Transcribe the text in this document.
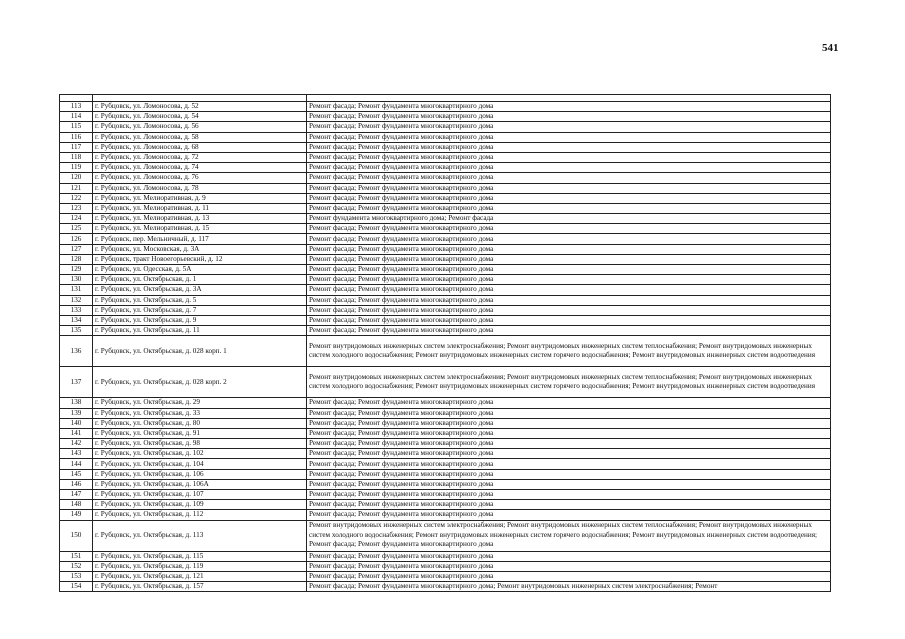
541

113	г. Рубцовск, ул. Ломоносова, д. 52	Ремонт фасада; Ремонт фундамента многоквартирного дома
114	г. Рубцовск, ул. Ломоносова, д. 54	Ремонт фасада; Ремонт фундамента многоквартирного дома
115	г. Рубцовск, ул. Ломоносова, д. 56	Ремонт фасада; Ремонт фундамента многоквартирного дома
116	г. Рубцовск, ул. Ломоносова, д. 58	Ремонт фасада; Ремонт фундамента многоквартирного дома
117	г. Рубцовск, ул. Ломоносова, д. 68	Ремонт фасада; Ремонт фундамента многоквартирного дома
118	г. Рубцовск, ул. Ломоносова, д. 72	Ремонт фасада; Ремонт фундамента многоквартирного дома
119	г. Рубцовск, ул. Ломоносова, д. 74	Ремонт фасада; Ремонт фундамента многоквартирного дома
120	г. Рубцовск, ул. Ломоносова, д. 76	Ремонт фасада; Ремонт фундамента многоквартирного дома
121	г. Рубцовск, ул. Ломоносова, д. 78	Ремонт фасада; Ремонт фундамента многоквартирного дома
122	г. Рубцовск, ул. Мелиоративная, д. 9	Ремонт фасада; Ремонт фундамента многоквартирного дома
123	г. Рубцовск, ул. Мелиоративная, д. 11	Ремонт фасада; Ремонт фундамента многоквартирного дома
124	г. Рубцовск, ул. Мелиоративная, д. 13	Ремонт фундамента многоквартирного дома; Ремонт фасада
125	г. Рубцовск, ул. Мелиоративная, д. 15	Ремонт фасада; Ремонт фундамента многоквартирного дома
126	г. Рубцовск, пер. Мельничный, д. 117	Ремонт фасада; Ремонт фундамента многоквартирного дома
127	г. Рубцовск, ул. Московская, д. 3А	Ремонт фасада; Ремонт фундамента многоквартирного дома
128	г. Рубцовск, тракт Новоегорьевский, д. 12	Ремонт фасада; Ремонт фундамента многоквартирного дома
129	г. Рубцовск, ул. Одесская, д. 5А	Ремонт фасада; Ремонт фундамента многоквартирного дома
130	г. Рубцовск, ул. Октябрьская, д. 1	Ремонт фасада; Ремонт фундамента многоквартирного дома
131	г. Рубцовск, ул. Октябрьская, д. 3А	Ремонт фасада; Ремонт фундамента многоквартирного дома
132	г. Рубцовск, ул. Октябрьская, д. 5	Ремонт фасада; Ремонт фундамента многоквартирного дома
133	г. Рубцовск, ул. Октябрьская, д. 7	Ремонт фасада; Ремонт фундамента многоквартирного дома
134	г. Рубцовск, ул. Октябрьская, д. 9	Ремонт фасада; Ремонт фундамента многоквартирного дома
135	г. Рубцовск, ул. Октябрьская, д. 11	Ремонт фасада; Ремонт фундамента многоквартирного дома
136	г. Рубцовск, ул. Октябрьская, д. 028 корп. 1	Ремонт внутридомовых инженерных систем электроснабжения; Ремонт внутридомовых инженерных систем теплоснабжения; Ремонт внутридомовых инженерных систем холодного водоснабжения; Ремонт внутридомовых инженерных систем горячего водоснабжения; Ремонт внутридомовых инженерных систем водоотведения
137	г. Рубцовск, ул. Октябрьская, д. 028 корп. 2	Ремонт внутридомовых инженерных систем электроснабжения; Ремонт внутридомовых инженерных систем теплоснабжения; Ремонт внутридомовых инженерных систем холодного водоснабжения; Ремонт внутридомовых инженерных систем горячего водоснабжения; Ремонт внутридомовых инженерных систем водоотведения
138	г. Рубцовск, ул. Октябрьская, д. 29	Ремонт фасада; Ремонт фундамента многоквартирного дома
139	г. Рубцовск, ул. Октябрьская, д. 33	Ремонт фасада; Ремонт фундамента многоквартирного дома
140	г. Рубцовск, ул. Октябрьская, д. 80	Ремонт фасада; Ремонт фундамента многоквартирного дома
141	г. Рубцовск, ул. Октябрьская, д. 91	Ремонт фасада; Ремонт фундамента многоквартирного дома
142	г. Рубцовск, ул. Октябрьская, д. 98	Ремонт фасада; Ремонт фундамента многоквартирного дома
143	г. Рубцовск, ул. Октябрьская, д. 102	Ремонт фасада; Ремонт фундамента многоквартирного дома
144	г. Рубцовск, ул. Октябрьская, д. 104	Ремонт фасада; Ремонт фундамента многоквартирного дома
145	г. Рубцовск, ул. Октябрьская, д. 106	Ремонт фасада; Ремонт фундамента многоквартирного дома
146	г. Рубцовск, ул. Октябрьская, д. 106А	Ремонт фасада; Ремонт фундамента многоквартирного дома
147	г. Рубцовск, ул. Октябрьская, д. 107	Ремонт фасада; Ремонт фундамента многоквартирного дома
148	г. Рубцовск, ул. Октябрьская, д. 109	Ремонт фасада; Ремонт фундамента многоквартирного дома
149	г. Рубцовск, ул. Октябрьская, д. 112	Ремонт фасада; Ремонт фундамента многоквартирного дома
150	г. Рубцовск, ул. Октябрьская, д. 113	Ремонт внутридомовых инженерных систем электроснабжения; Ремонт внутридомовых инженерных систем теплоснабжения; Ремонт внутридомовых инженерных систем холодного водоснабжения; Ремонт внутридомовых инженерных систем горячего водоснабжения; Ремонт внутридомовых инженерных систем водоотведения; Ремонт фасада; Ремонт фундамента многоквартирного дома
151	г. Рубцовск, ул. Октябрьская, д. 115	Ремонт фасада; Ремонт фундамента многоквартирного дома
152	г. Рубцовск, ул. Октябрьская, д. 119	Ремонт фасада; Ремонт фундамента многоквартирного дома
153	г. Рубцовск, ул. Октябрьская, д. 121	Ремонт фасада; Ремонт фундамента многоквартирного дома
154	г. Рубцовск, ул. Октябрьская, д. 157	Ремонт фасада; Ремонт фундамента многоквартирного дома; Ремонт внутридомовых инженерных систем электроснабжения; Ремонт
